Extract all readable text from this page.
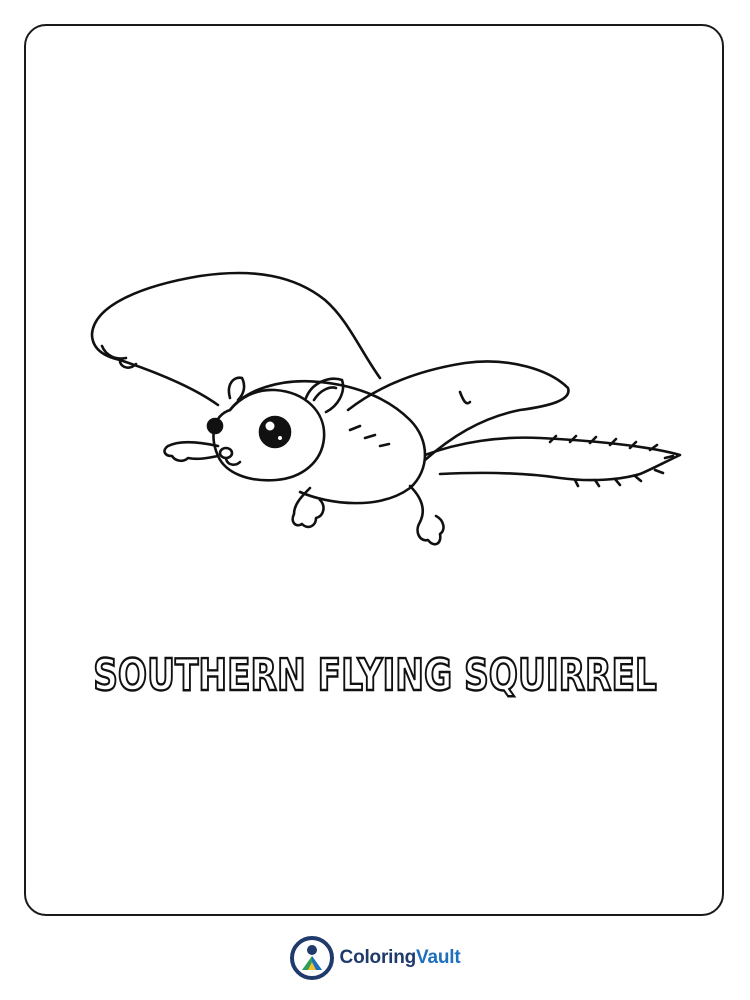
SOUTHERN FLYING SQUIRREL
ColoringVault
